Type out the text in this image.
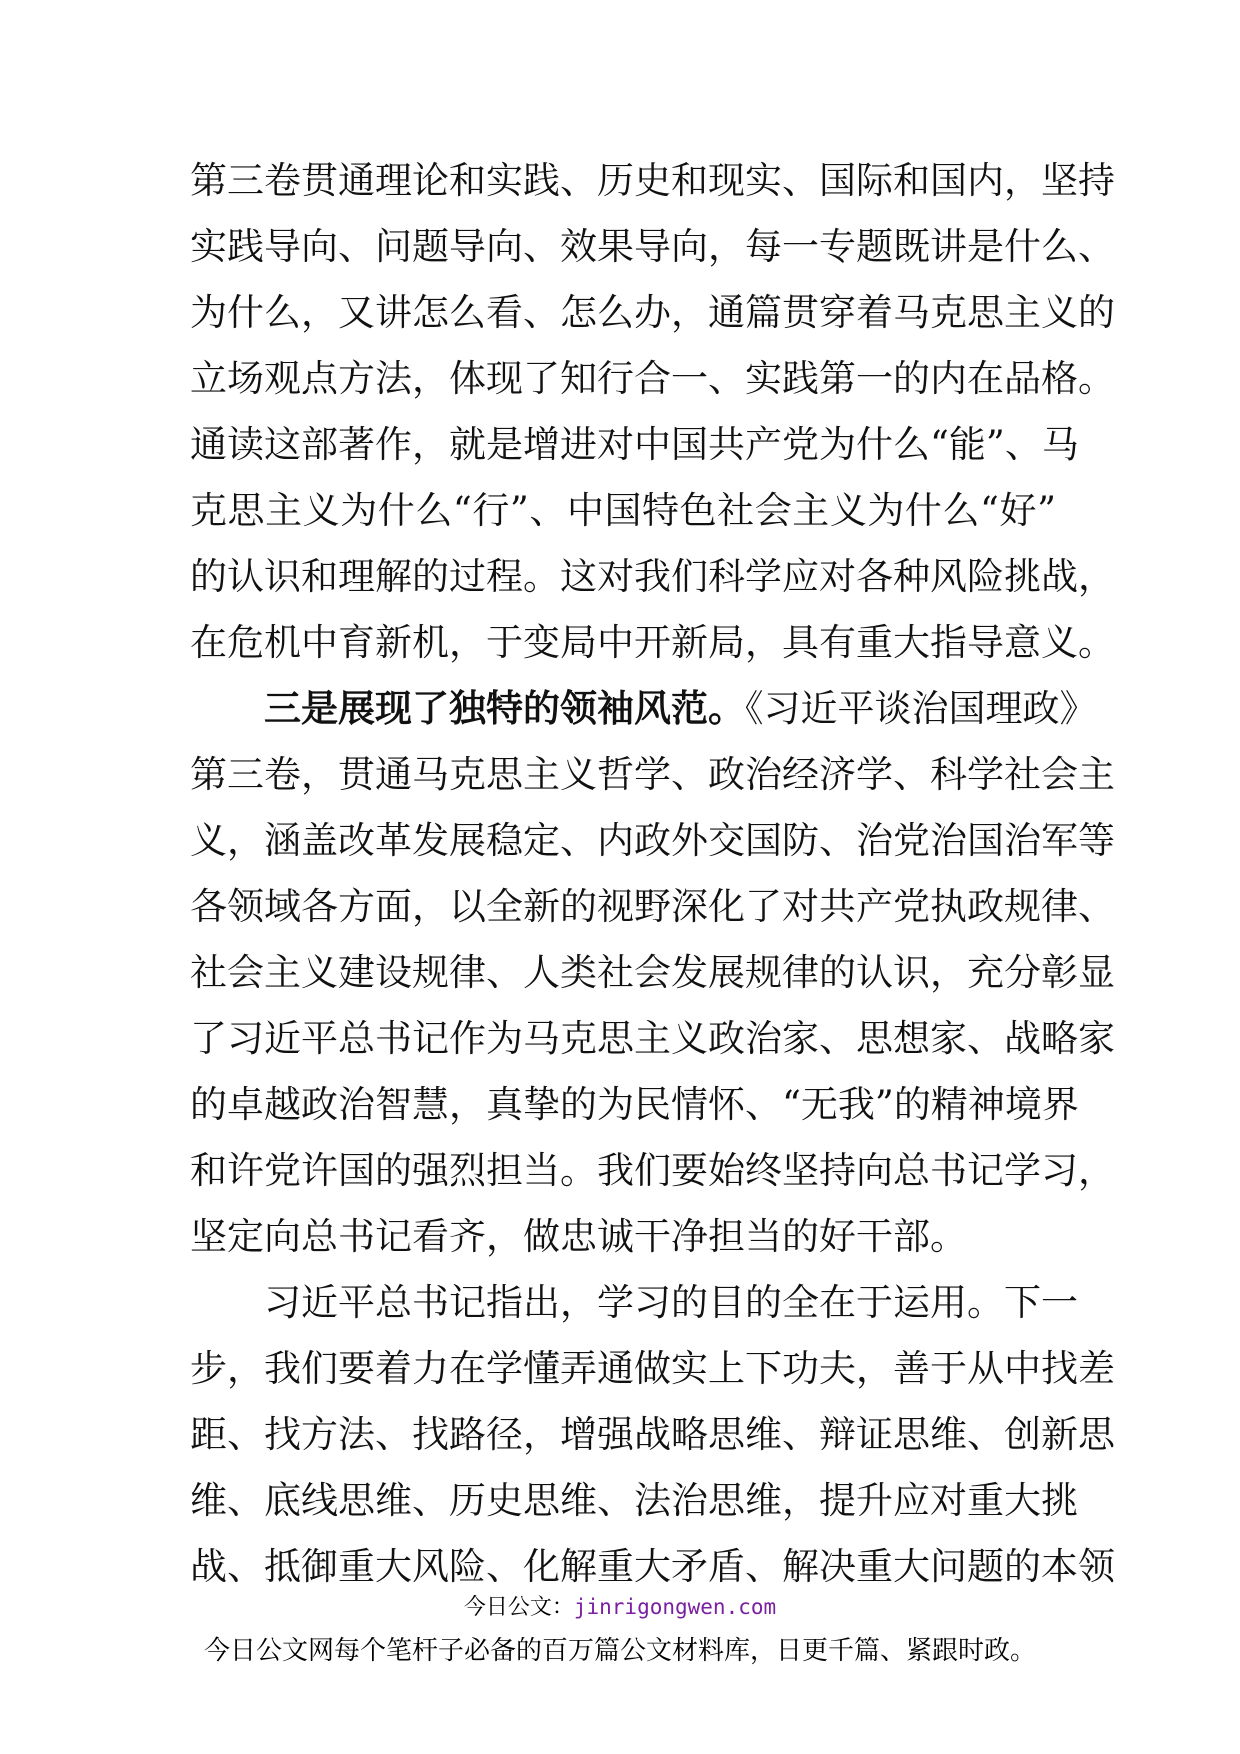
第三卷贯通理论和实践、历史和现实、国际和国内，坚持
实践导向、问题导向、效果导向，每一专题既讲是什么、
为什么，又讲怎么看、怎么办，通篇贯穿着马克思主义的
立场观点方法，体现了知行合一、实践第一的内在品格。
通读这部著作，就是增进对中国共产党为什么“能”、马
克思主义为什么“行”、中国特色社会主义为什么“好”
的认识和理解的过程。这对我们科学应对各种风险挑战，
在危机中育新机，于变局中开新局，具有重大指导意义。
三是展现了独特的领袖风范。《习近平谈治国理政》
第三卷，贯通马克思主义哲学、政治经济学、科学社会主
义，涵盖改革发展稳定、内政外交国防、治党治国治军等
各领域各方面，以全新的视野深化了对共产党执政规律、
社会主义建设规律、人类社会发展规律的认识，充分彰显
了习近平总书记作为马克思主义政治家、思想家、战略家
的卓越政治智慧，真挚的为民情怀、“无我”的精神境界
和许党许国的强烈担当。我们要始终坚持向总书记学习，
坚定向总书记看齐，做忠诚干净担当的好干部。
习近平总书记指出，学习的目的全在于运用。下一
步，我们要着力在学懂弄通做实上下功夫，善于从中找差
距、找方法、找路径，增强战略思维、辩证思维、创新思
维、底线思维、历史思维、法治思维，提升应对重大挑
战、抵御重大风险、化解重大矛盾、解决重大问题的本领
今日公文：jinrigongwen.com
今日公文网每个笔杆子必备的百万篇公文材料库，日更千篇、紧跟时政。
